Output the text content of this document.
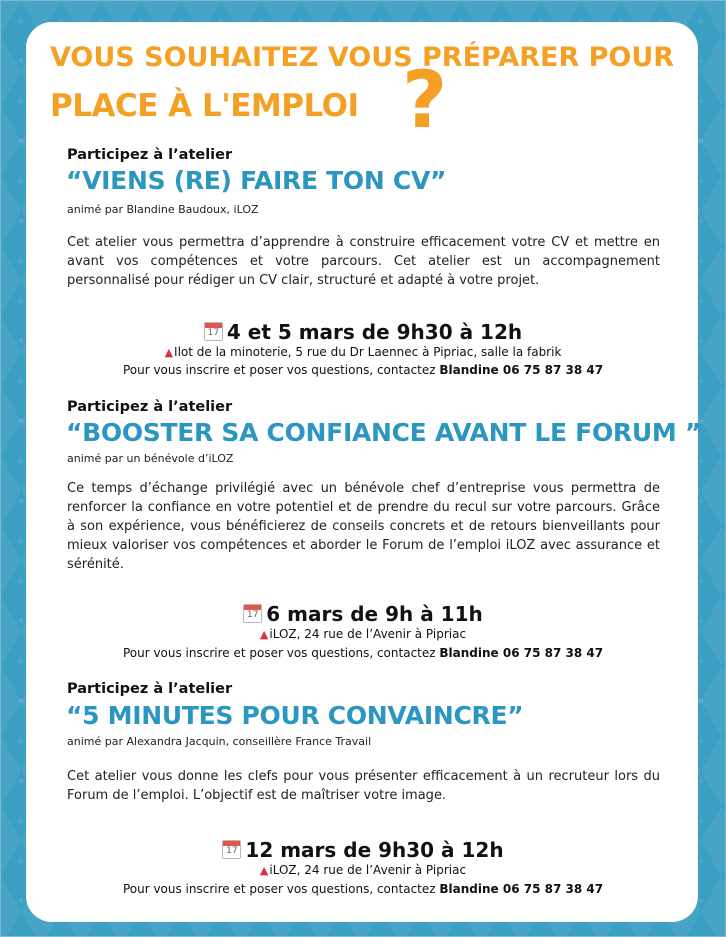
VOUS SOUHAITEZ VOUS PRÉPARER POUR
PLACE À L'EMPLOI ?
Participez à l’atelier
“VIENS (RE) FAIRE TON CV”
animé par Blandine Baudoux, iLOZ
Cet atelier vous permettra d’apprendre à construire efficacement votre CV et mettre en avant vos compétences et votre parcours. Cet atelier est un accompagnement personnalisé pour rédiger un CV clair, structuré et adapté à votre projet.
17 4 et 5 mars de 9h30 à 12h
▲Ilot de la minoterie, 5 rue du Dr Laennec à Pipriac, salle la fabrik
Pour vous inscrire et poser vos questions, contactez Blandine 06 75 87 38 47
Participez à l’atelier
“BOOSTER SA CONFIANCE AVANT LE FORUM ”
animé par un bénévole d’iLOZ
Ce temps d’échange privilégié avec un bénévole chef d’entreprise vous permettra de renforcer la confiance en votre potentiel et de prendre du recul sur votre parcours. Grâce à son expérience, vous bénéficierez de conseils concrets et de retours bienveillants pour mieux valoriser vos compétences et aborder le Forum de l’emploi iLOZ avec assurance et sérénité.
17 6 mars de 9h à 11h
▲iLOZ, 24 rue de l’Avenir à Pipriac
Pour vous inscrire et poser vos questions, contactez Blandine 06 75 87 38 47
Participez à l’atelier
“5 MINUTES POUR CONVAINCRE”
animé par Alexandra Jacquin, conseillère France Travail
Cet atelier vous donne les clefs pour vous présenter efficacement à un recruteur lors du Forum de l’emploi. L’objectif est de maîtriser votre image.
17 12 mars de 9h30 à 12h
▲iLOZ, 24 rue de l’Avenir à Pipriac
Pour vous inscrire et poser vos questions, contactez Blandine 06 75 87 38 47
